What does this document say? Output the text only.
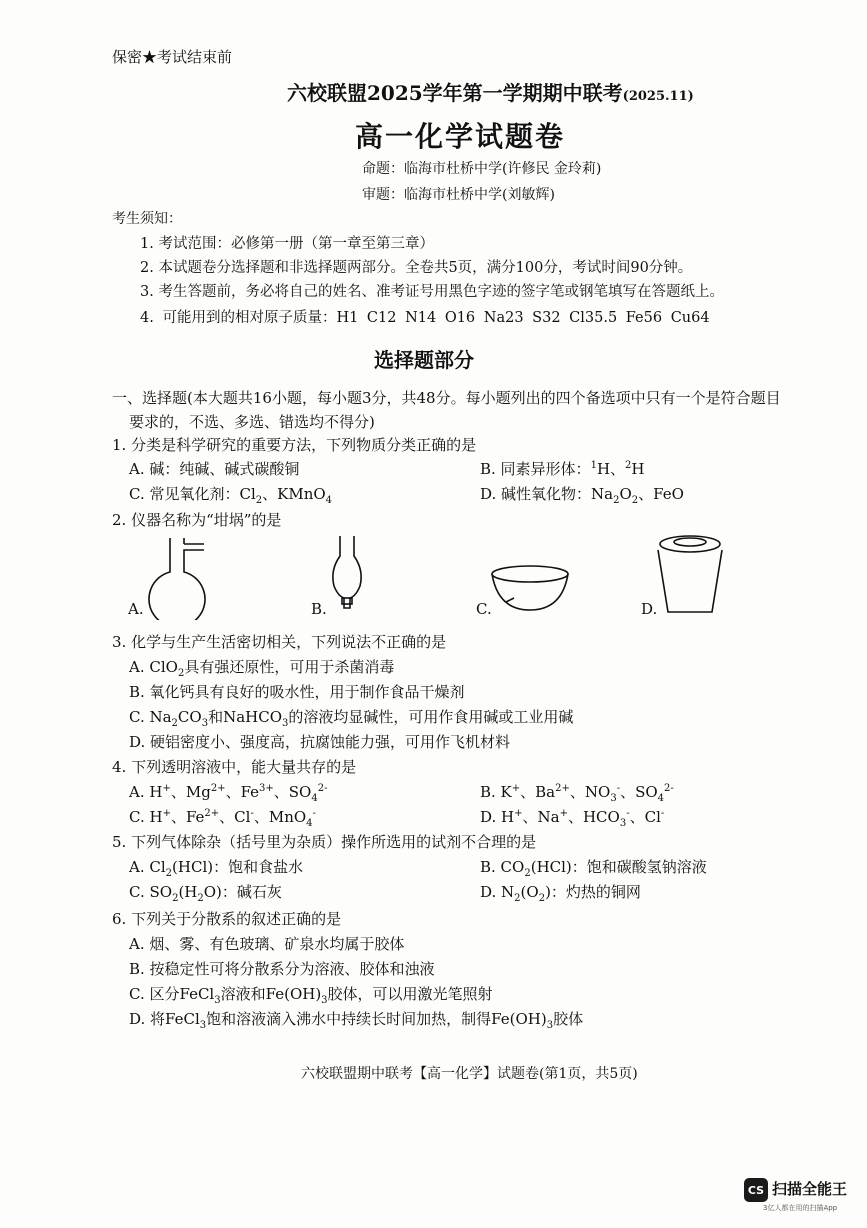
保密★考试结束前
六校联盟2025学年第一学期期中联考(2025.11)
高一化学试题卷
命题：临海市杜桥中学(许修民 金玲莉)
审题：临海市杜桥中学(刘敏辉)
考生须知：
1. 考试范围：必修第一册（第一章至第三章）
2. 本试题卷分选择题和非选择题两部分。全卷共5页，满分100分，考试时间90分钟。
3. 考生答题前，务必将自己的姓名、准考证号用黑色字迹的签字笔或钢笔填写在答题纸上。
4. 可能用到的相对原子质量：H1 C12 N14 O16 Na23 S32 Cl35.5 Fe56 Cu64
选择题部分
一、选择题(本大题共16小题，每小题3分，共48分。每小题列出的四个备选项中只有一个是符合题目
要求的，不选、多选、错选均不得分)
1. 分类是科学研究的重要方法，下列物质分类正确的是
A. 碱：纯碱、碱式碳酸铜	B. 同素异形体：$^1$H、$^2$H
C. 常见氧化剂：$Cl_2$、KMnO$_4$	D. 碱性氧化物：$Na_2O_2$、FeO
2. 仪器名称为“坩埚”的是
A.	B.	C.	D.
3. 化学与生产生活密切相关，下列说法不正确的是
A. ClO$_2$具有强还原性，可用于杀菌消毒
B. 氧化钙具有良好的吸水性，用于制作食品干燥剂
C. $Na_2CO_3$和NaHCO$_3$的溶液均显碱性，可用作食用碱或工业用碱
D. 硬铝密度小、强度高，抗腐蚀能力强，可用作飞机材料
4. 下列透明溶液中，能大量共存的是
A. H+、$Mg^{2+}$、$Fe^{3+}$、$SO_4^{2-}$	B. K+、$Ba^{2+}$、$NO_3^-$、$SO_4^{2-}$
C. H+、$Fe^{2+}$、Cl-、MnO$_4$-	D. H+、Na+、$HCO_3^-$、Cl-
5. 下列气体除杂（括号里为杂质）操作所选用的试剂不合理的是
A. $Cl_2(HCl)$：饱和食盐水	B. $CO_2(HCl)$：饱和碳酸氢钠溶液
C. $SO_2(H_2O)$：碱石灰	D. $N_2(O_2)$：灼热的铜网
6. 下列关于分散系的叙述正确的是
A. 烟、雾、有色玻璃、矿泉水均属于胶体
B. 按稳定性可将分散系分为溶液、胶体和浊液
C. 区分FeCl$_3$溶液和$Fe(OH)_3$胶体，可以用激光笔照射
D. 将FeCl$_3$饱和溶液滴入沸水中持续长时间加热，制得$Fe(OH)_3$胶体
六校联盟期中联考【高一化学】试题卷(第1页，共5页)
CS 扫描全能王
3亿人都在用的扫描App
